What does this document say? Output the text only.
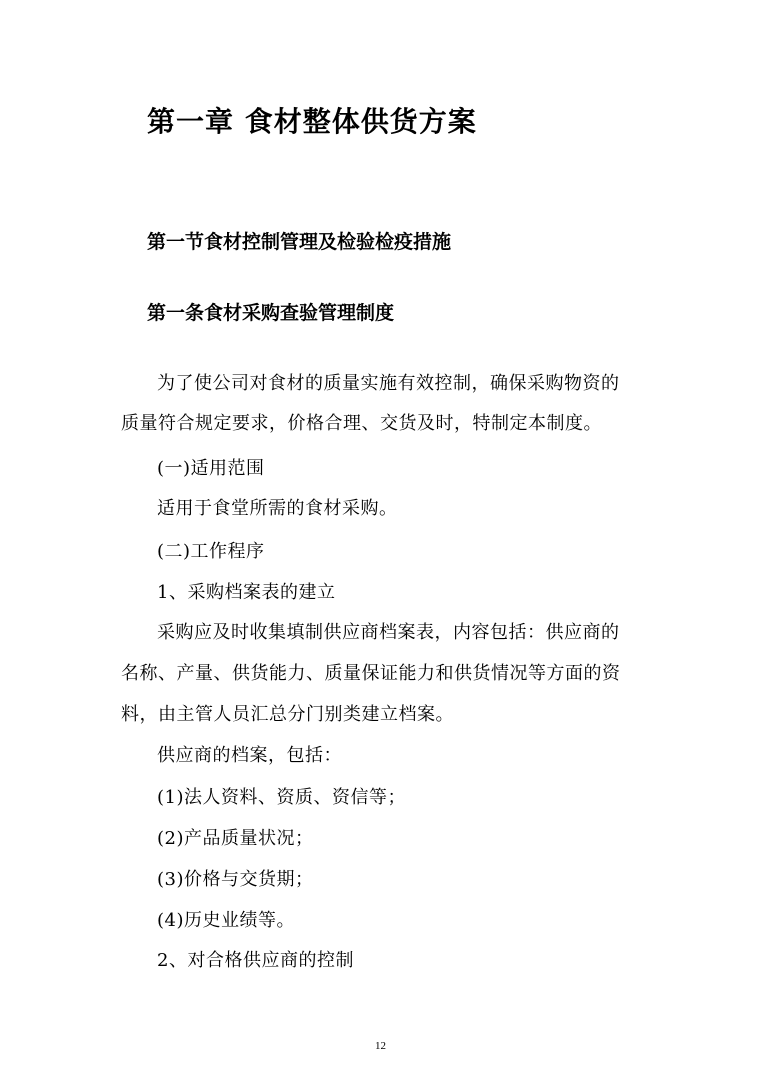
第一章 食材整体供货方案
第一节食材控制管理及检验检疫措施
第一条食材采购查验管理制度

为了使公司对食材的质量实施有效控制，确保采购物资的

质量符合规定要求，价格合理、交货及时，特制定本制度。

(一)适用范围

适用于食堂所需的食材采购。

(二)工作程序

1、采购档案表的建立

采购应及时收集填制供应商档案表，内容包括：供应商的

名称、产量、供货能力、质量保证能力和供货情况等方面的资

料，由主管人员汇总分门别类建立档案。

供应商的档案，包括：

(1)法人资料、资质、资信等；

(2)产品质量状况；

(3)价格与交货期；

(4)历史业绩等。

2、对合格供应商的控制

12
